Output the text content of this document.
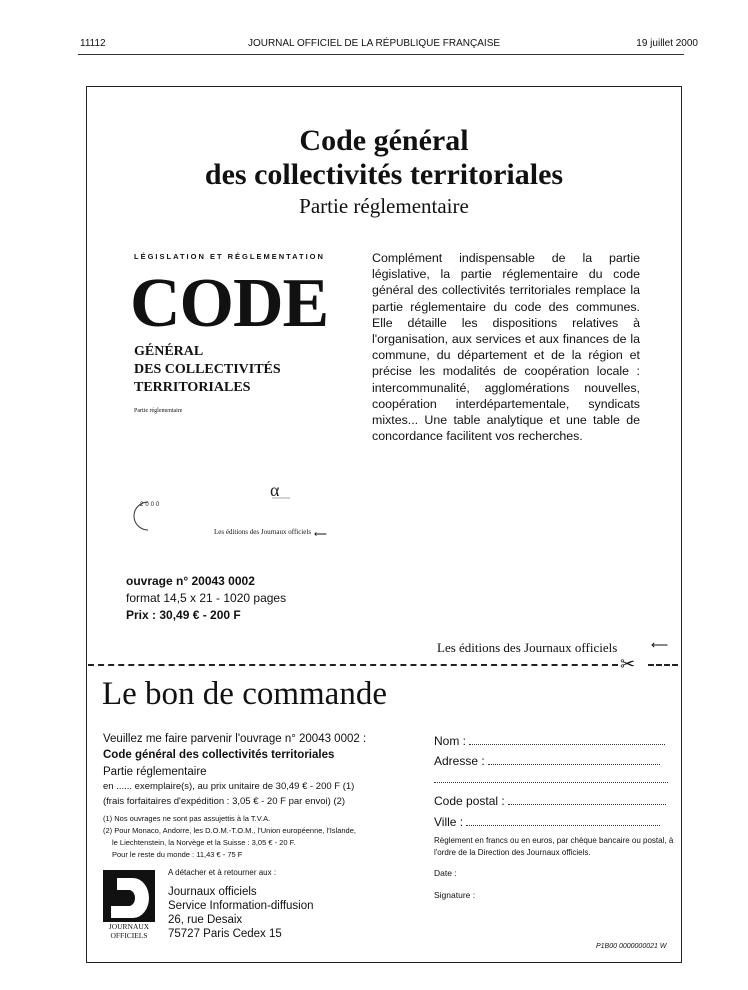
11112	JOURNAL OFFICIEL DE LA RÉPUBLIQUE FRANÇAISE	19 juillet 2000
Code général
des collectivités territoriales
Partie réglementaire
LÉGISLATION ET RÉGLEMENTATION
CODE
GÉNÉRAL
DES COLLECTIVITÉS
TERRITORIALES
Partie réglementaire
α
2000
Les éditions des Journaux officiels ⟵
Complément indispensable de la partie législative, la partie réglementaire du code général des collectivités territoriales remplace la partie réglementaire du code des communes. Elle détaille les dispositions relatives à l'organisation, aux services et aux finances de la commune, du département et de la région et précise les modalités de coopération locale : intercommunalité, agglomérations nouvelles, coopération interdépartementale, syndicats mixtes... Une table analytique et une table de concordance facilitent vos recherches.
ouvrage n° 20043 0002
format 14,5 x 21 - 1020 pages
Prix : 30,49 € - 200 F
Les éditions des Journaux officiels	⟵
✂
Le bon de commande
Veuillez me faire parvenir l'ouvrage n° 20043 0002 :
Code général des collectivités territoriales
Partie réglementaire
en ...... exemplaire(s), au prix unitaire de 30,49 € - 200 F (1)
(frais forfaitaires d'expédition : 3,05 € - 20 F par envoi) (2)
(1) Nos ouvrages ne sont pas assujettis à la T.V.A.
(2) Pour Monaco, Andorre, les D.O.M.-T.O.M., l'Union européenne, l'Islande,
le Liechtenstein, la Norvège et la Suisse : 3,05 € - 20 F.
Pour le reste du monde : 11,43 € - 75 F
Nom :
Adresse :
Code postal :
Ville :
Règlement en francs ou en euros, par chèque bancaire ou postal, à l'ordre de la Direction des Journaux officiels.
Date :
Signature :
JOURNAUX
OFFICIELS
A détacher et à retourner aux :
Journaux officiels
Service Information-diffusion
26, rue Desaix
75727 Paris Cedex 15
P1B00 0000000021 W
